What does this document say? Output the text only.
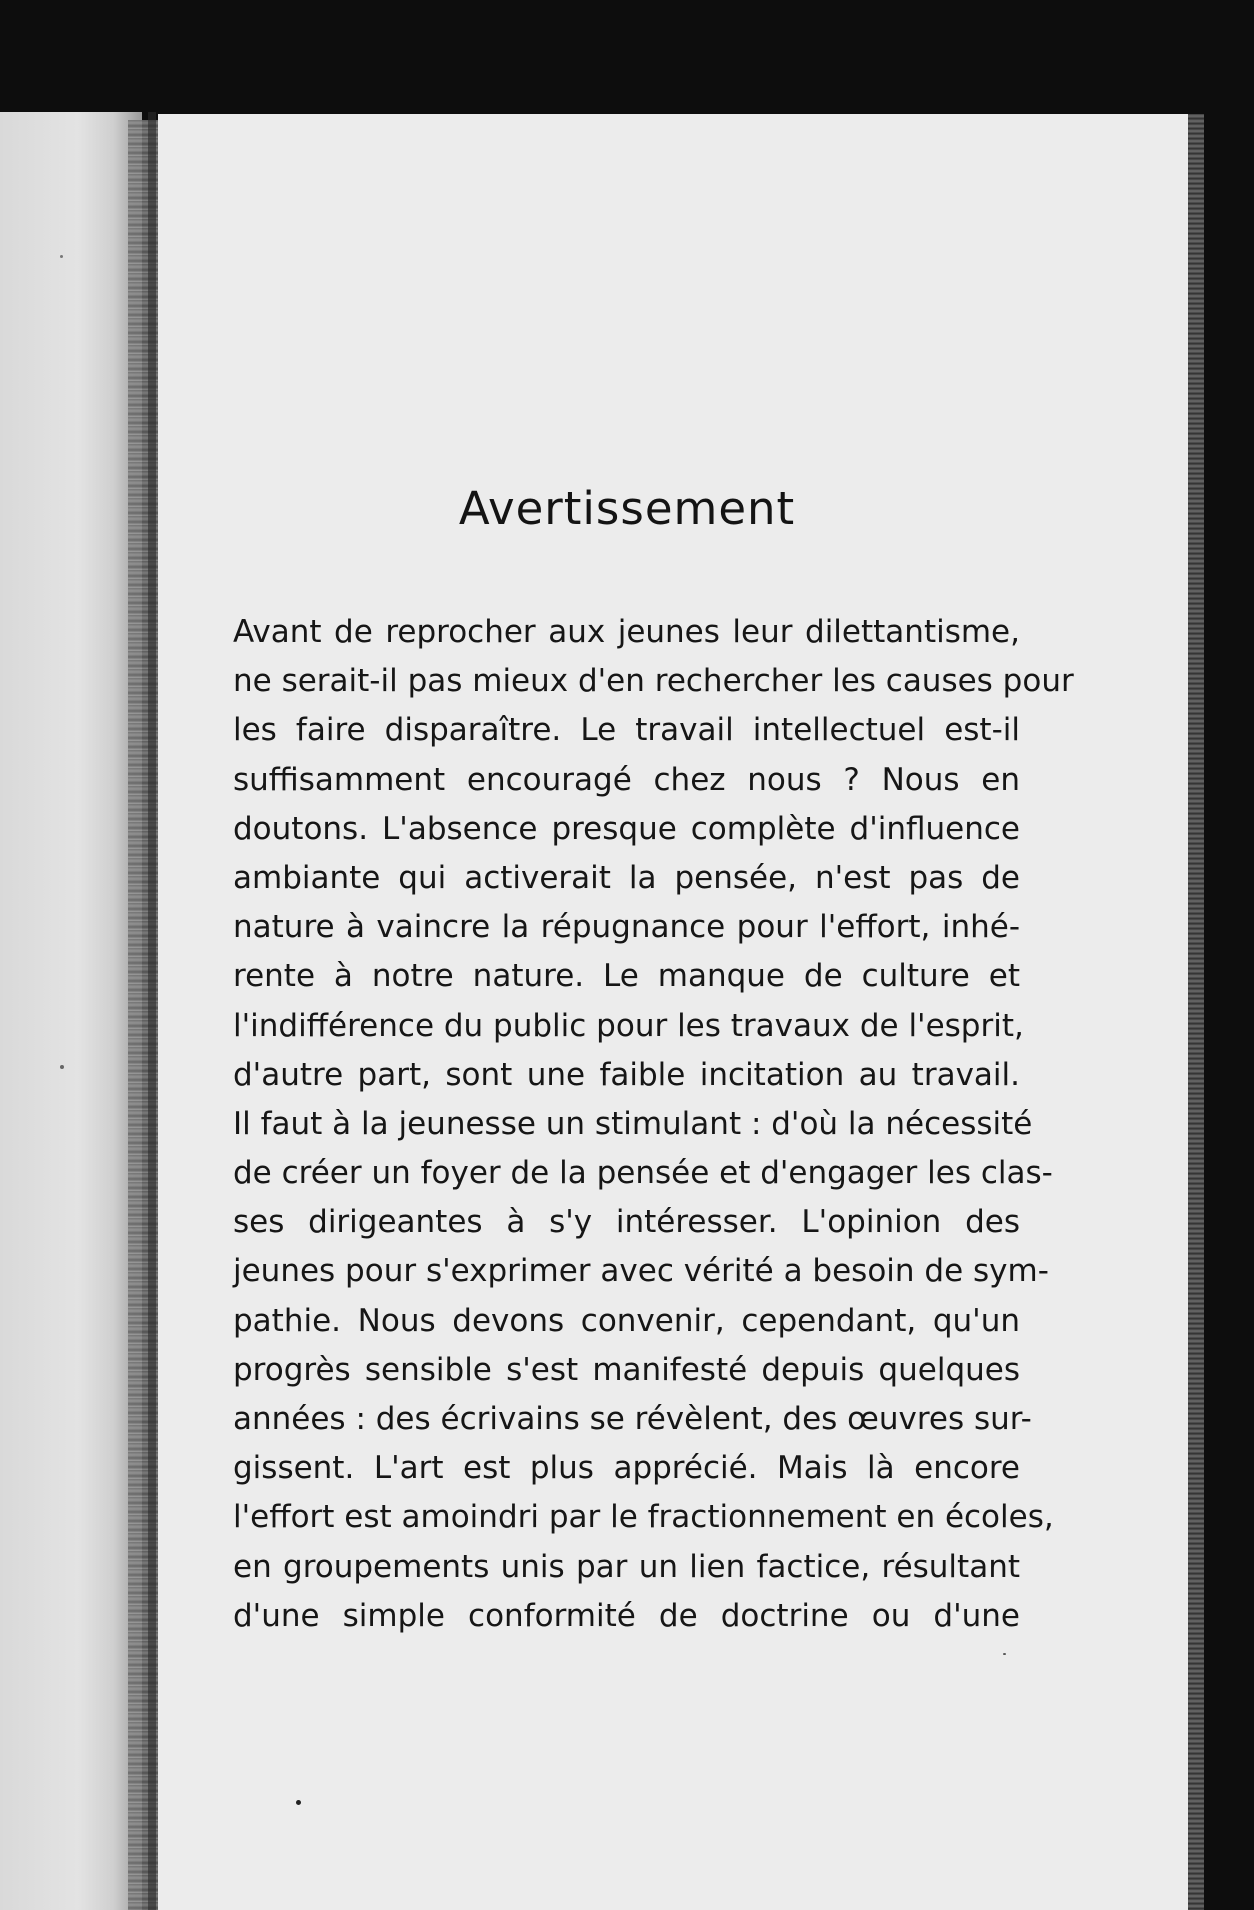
Avertissement
Avant de reprocher aux jeunes leur dilettantisme,
ne serait-il pas mieux d'en rechercher les causes pour
les faire disparaître. Le travail intellectuel est-il
suffisamment encouragé chez nous ? Nous en
doutons. L'absence presque complète d'influence
ambiante qui activerait la pensée, n'est pas de
nature à vaincre la répugnance pour l'effort, inhé-
rente à notre nature. Le manque de culture et
l'indifférence du public pour les travaux de l'esprit,
d'autre part, sont une faible incitation au travail.
Il faut à la jeunesse un stimulant : d'où la nécessité
de créer un foyer de la pensée et d'engager les clas-
ses dirigeantes à s'y intéresser. L'opinion des
jeunes pour s'exprimer avec vérité a besoin de sym-
pathie. Nous devons convenir, cependant, qu'un
progrès sensible s'est manifesté depuis quelques
années : des écrivains se révèlent, des œuvres sur-
gissent. L'art est plus apprécié. Mais là encore
l'effort est amoindri par le fractionnement en écoles,
en groupements unis par un lien factice, résultant
d'une simple conformité de doctrine ou d'une
